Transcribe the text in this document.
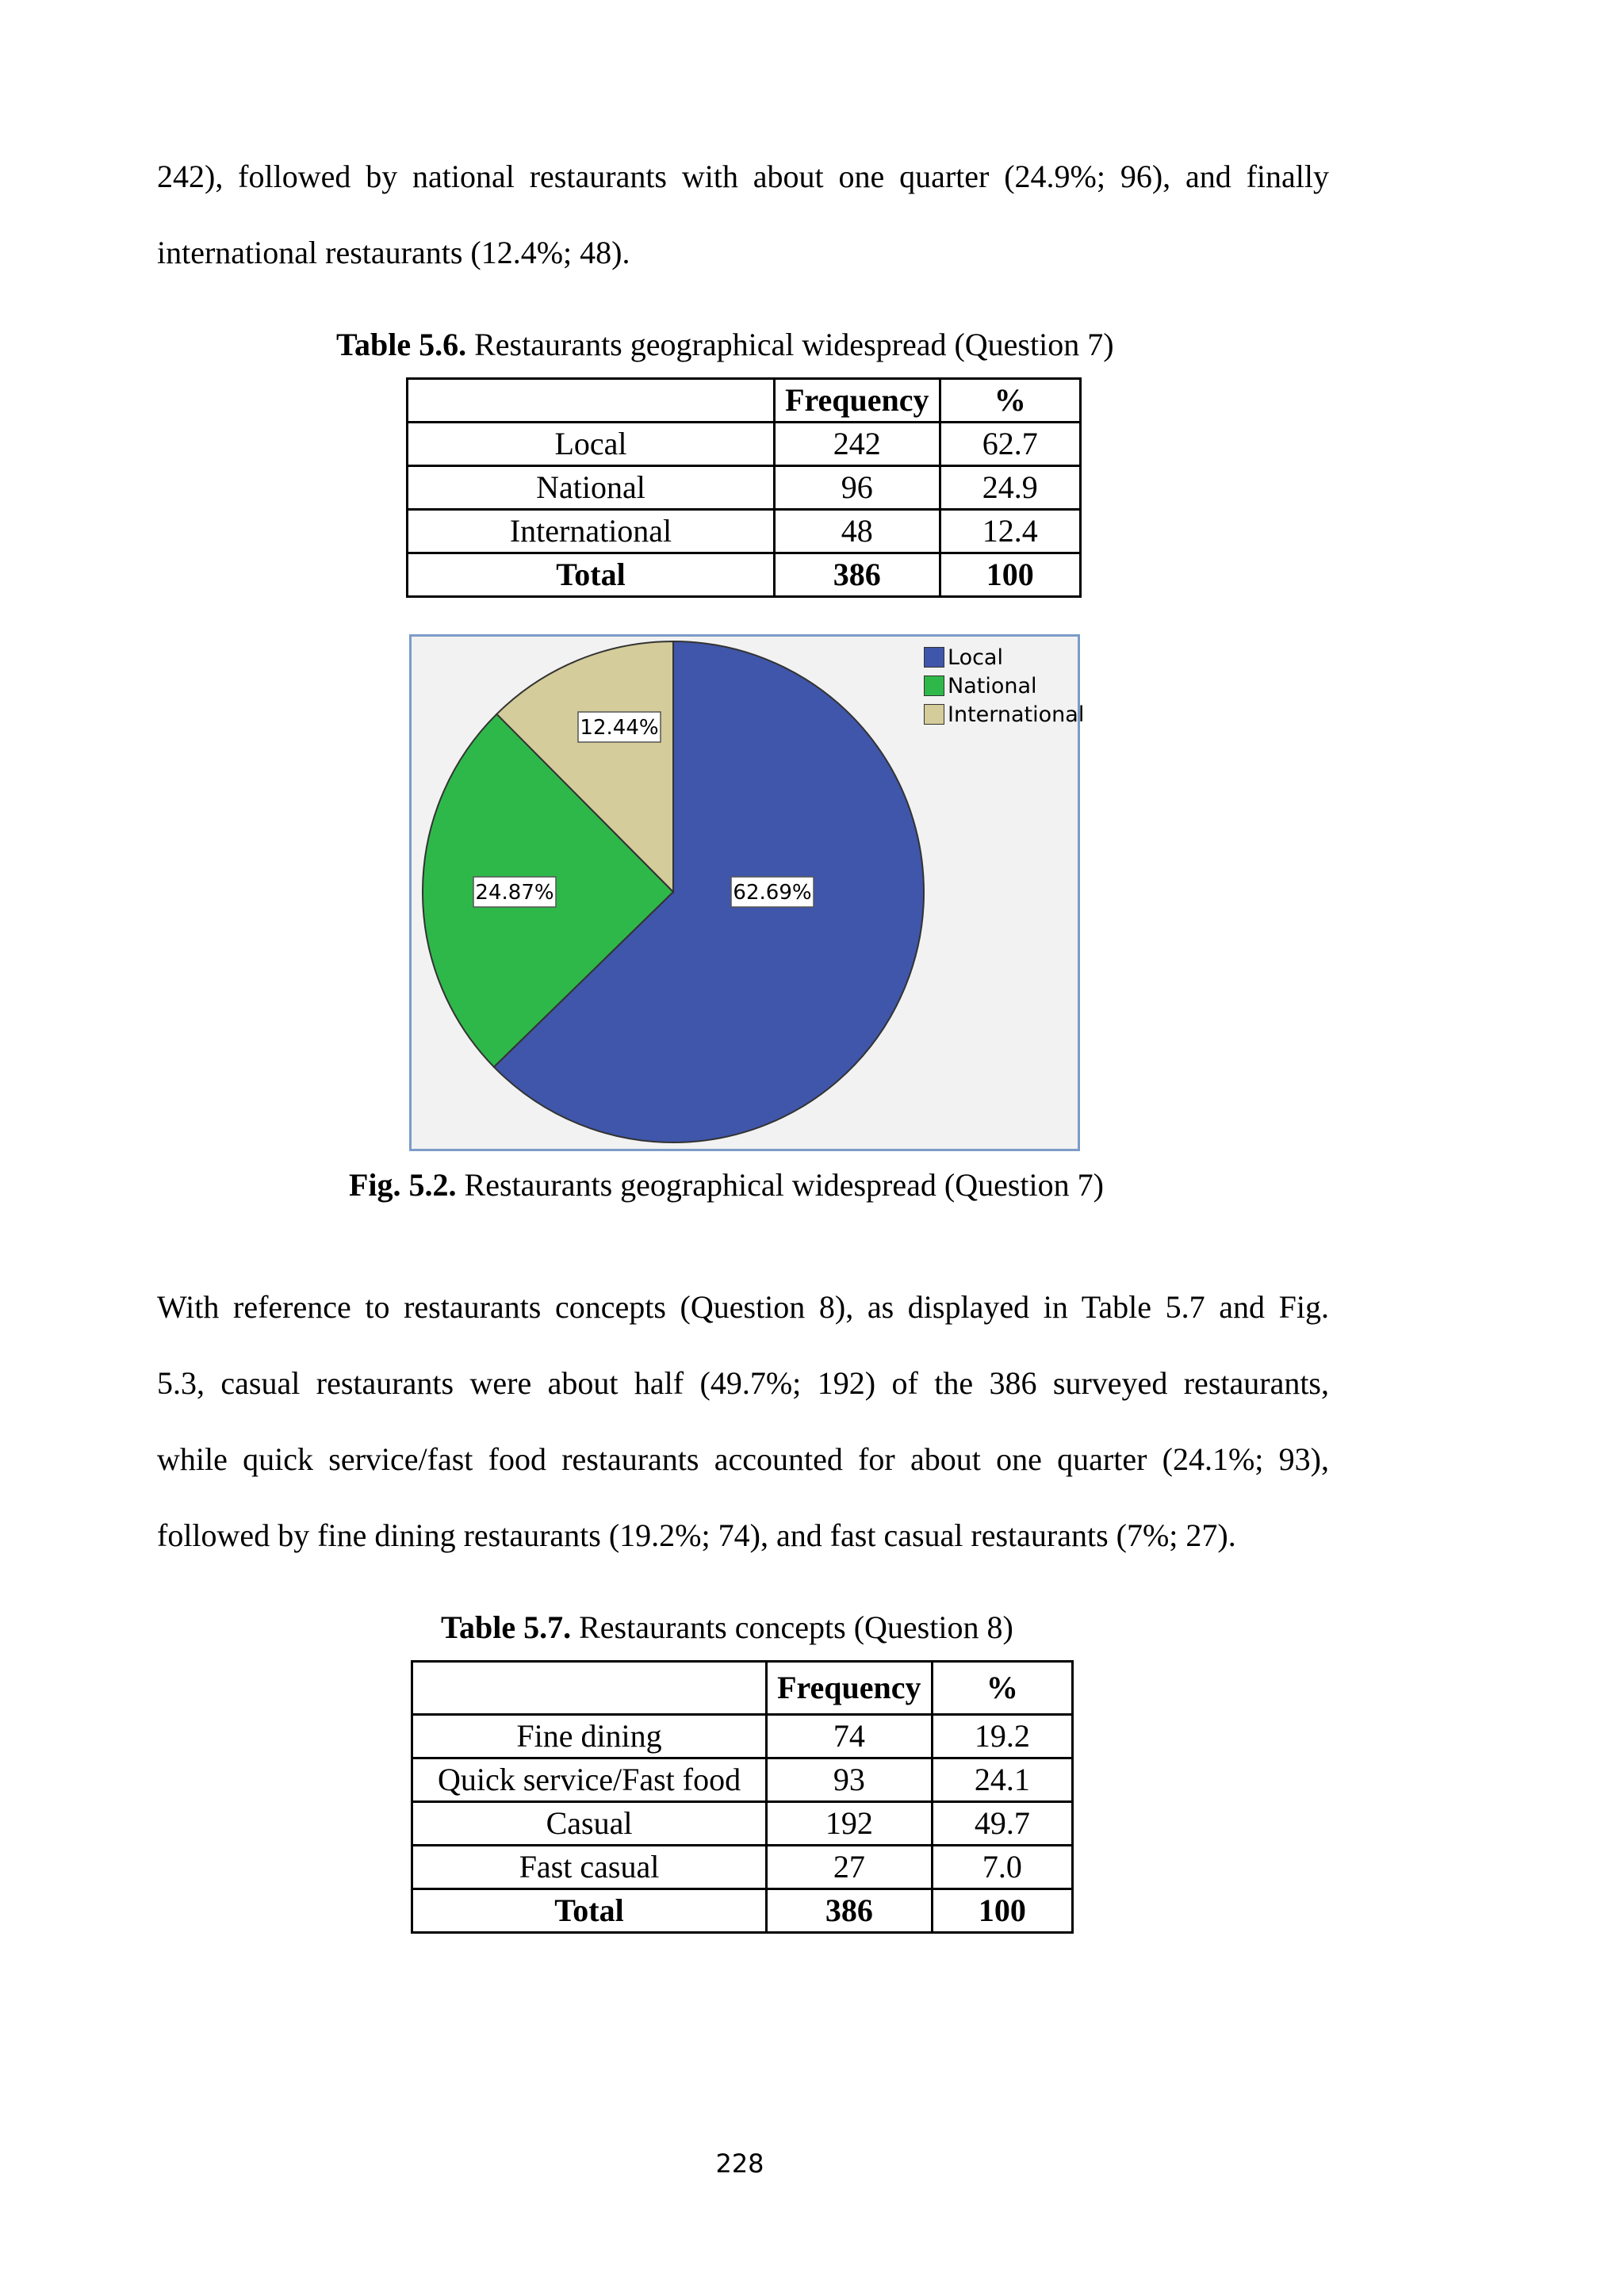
242), followed by national restaurants with about one quarter (24.9%; 96), and finally
international restaurants (12.4%; 48).
Table 5.6. Restaurants geographical widespread (Question 7)
	Frequency	%
Local	242	62.7
National	96	24.9
International	48	12.4
Total	386	100
62.69%
24.87%
12.44%
Local
National
International
Fig. 5.2. Restaurants geographical widespread (Question 7)
With reference to restaurants concepts (Question 8), as displayed in Table 5.7 and Fig.
5.3, casual restaurants were about half (49.7%; 192) of the 386 surveyed restaurants,
while quick service/fast food restaurants accounted for about one quarter (24.1%; 93),
followed by fine dining restaurants (19.2%; 74), and fast casual restaurants (7%; 27).
Table 5.7. Restaurants concepts (Question 8)
	Frequency	%
Fine dining	74	19.2
Quick service/Fast food	93	24.1
Casual	192	49.7
Fast casual	27	7.0
Total	386	100
228
